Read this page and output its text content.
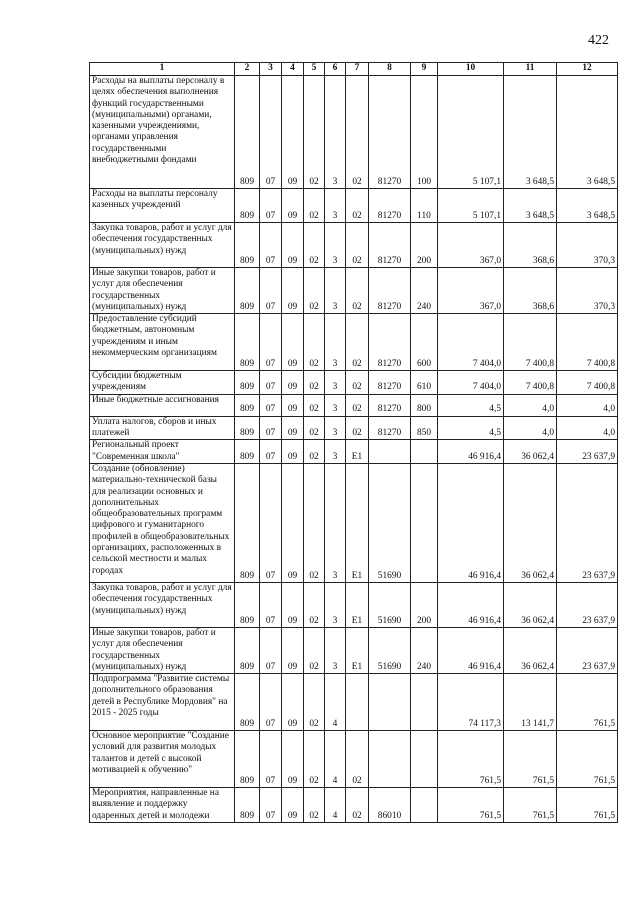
422
1	2	3	4	5	6	7	8	9	10	11	12
Расходы на выплаты персоналу в целях обеспечения выполнения функций государственными (муниципальными) органами, казенными учреждениями, органами управления государственными внебюджетными фондами	809	07	09	02	3	02	81270	100	5 107,1	3 648,5	3 648,5
Расходы на выплаты персоналу казенных учреждений	809	07	09	02	3	02	81270	110	5 107,1	3 648,5	3 648,5
Закупка товаров, работ и услуг для обеспечения государственных (муниципальных) нужд	809	07	09	02	3	02	81270	200	367,0	368,6	370,3
Иные закупки товаров, работ и услуг для обеспечения государственных (муниципальных) нужд	809	07	09	02	3	02	81270	240	367,0	368,6	370,3
Предоставление субсидий бюджетным, автономным учреждениям и иным некоммерческим организациям	809	07	09	02	3	02	81270	600	7 404,0	7 400,8	7 400,8
Субсидии бюджетным учреждениям	809	07	09	02	3	02	81270	610	7 404,0	7 400,8	7 400,8
Иные бюджетные ассигнования	809	07	09	02	3	02	81270	800	4,5	4,0	4,0
Уплата налогов, сборов и иных платежей	809	07	09	02	3	02	81270	850	4,5	4,0	4,0
Региональный проект "Современная школа"	809	07	09	02	3	E1			46 916,4	36 062,4	23 637,9
Создание (обновление) материально-технической базы для реализации основных и дополнительных общеобразовательных программ цифрового и гуманитарного профилей в общеобразовательных организациях, расположенных в сельской местности и малых городах	809	07	09	02	3	E1	51690		46 916,4	36 062,4	23 637,9
Закупка товаров, работ и услуг для обеспечения государственных (муниципальных) нужд	809	07	09	02	3	E1	51690	200	46 916,4	36 062,4	23 637,9
Иные закупки товаров, работ и услуг для обеспечения государственных (муниципальных) нужд	809	07	09	02	3	E1	51690	240	46 916,4	36 062,4	23 637,9
Подпрограмма "Развитие системы дополнительного образования детей в Республике Мордовия" на 2015 - 2025 годы	809	07	09	02	4				74 117,3	13 141,7	761,5
Основное мероприятие "Создание условий для развития молодых талантов и детей с высокой мотивацией к обучению"	809	07	09	02	4	02			761,5	761,5	761,5
Мероприятия, направленные на выявление и поддержку одаренных детей и молодежи	809	07	09	02	4	02	86010		761,5	761,5	761,5
